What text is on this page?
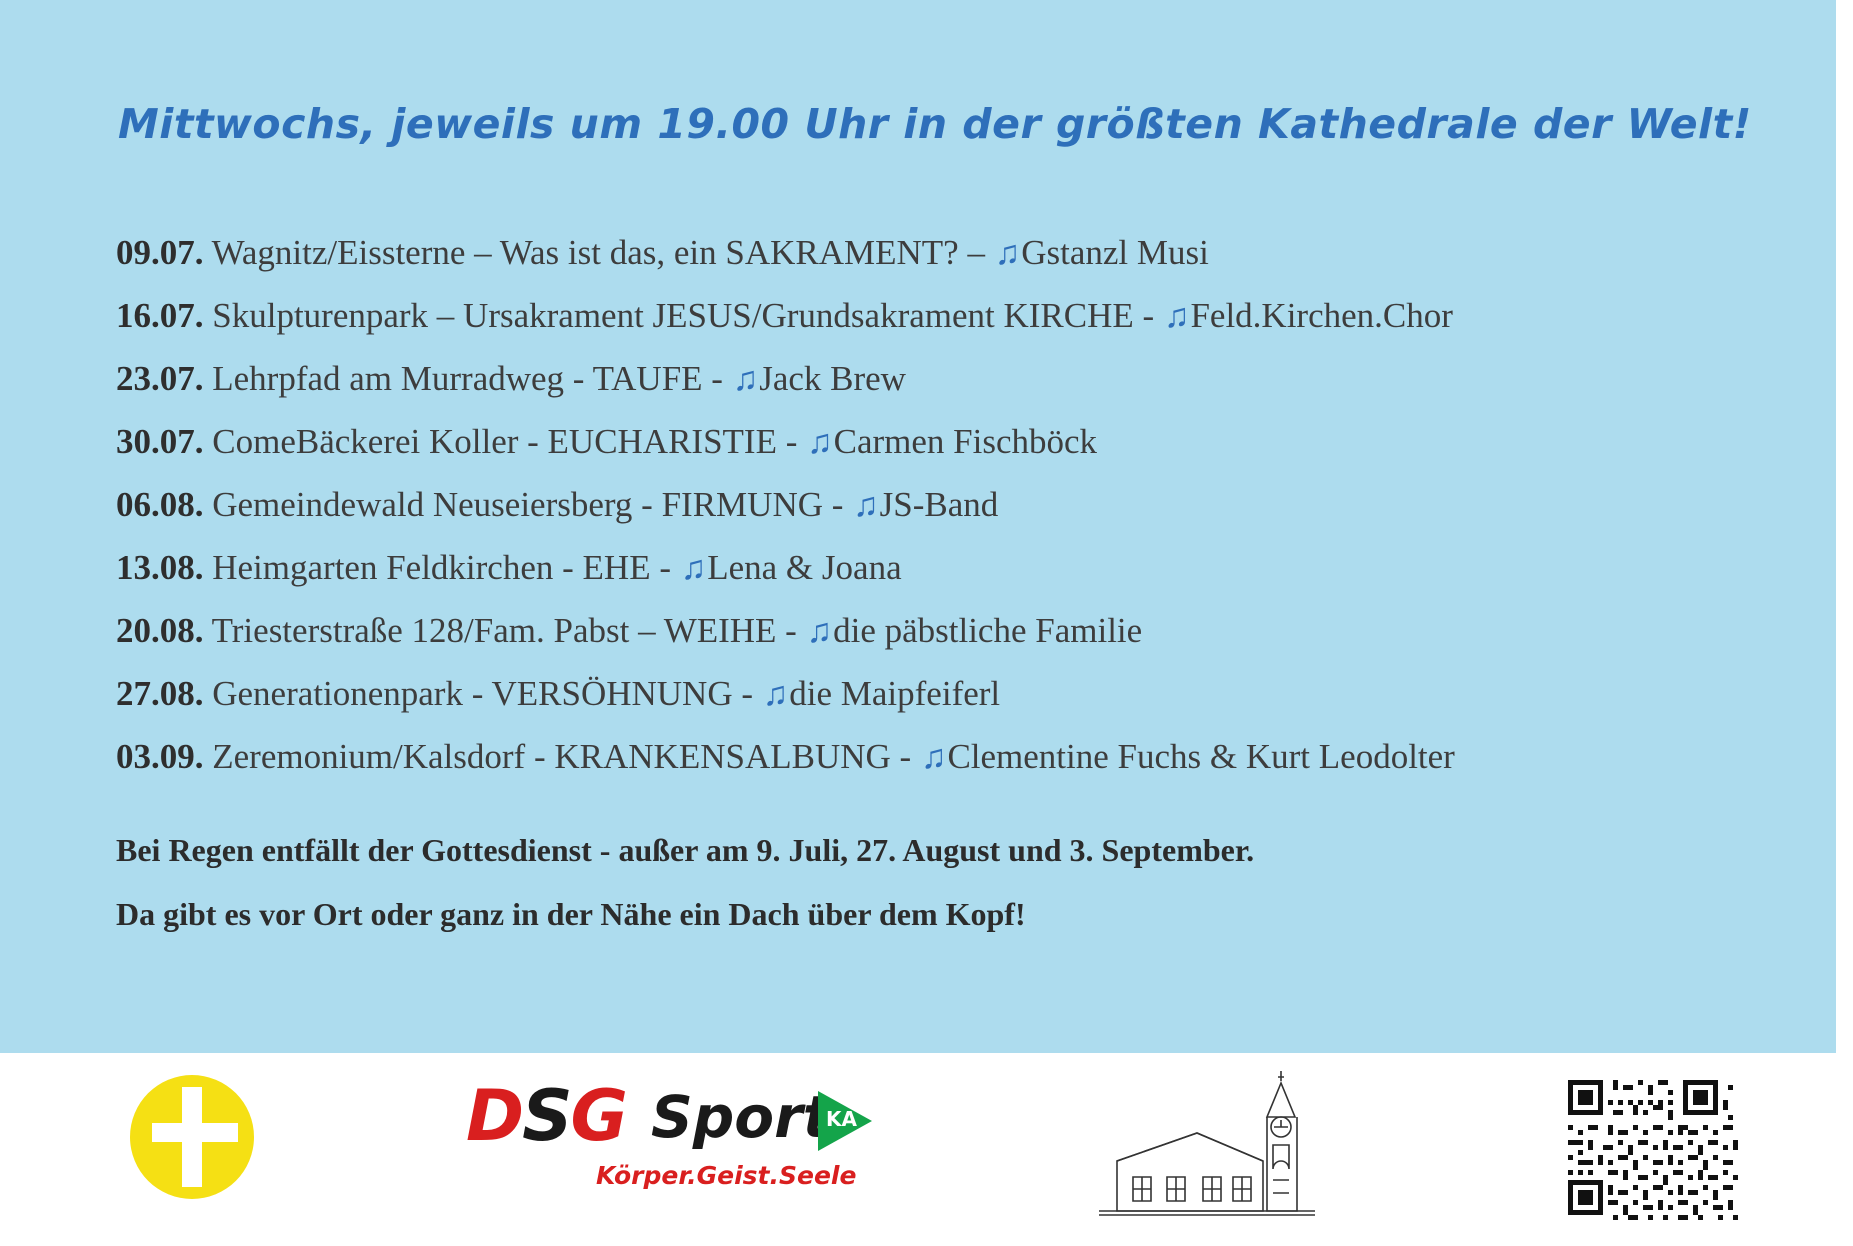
Mittwochs, jeweils um 19.00 Uhr in der größten Kathedrale der Welt!
09.07. Wagnitz/Eissterne – Was ist das, ein SAKRAMENT? – ♫Gstanzl Musi
16.07. Skulpturenpark – Ursakrament JESUS/Grundsakrament KIRCHE - ♫Feld.Kirchen.Chor
23.07. Lehrpfad am Murradweg - TAUFE - ♫Jack Brew
30.07. ComeBäckerei Koller - EUCHARISTIE - ♫Carmen Fischböck
06.08. Gemeindewald Neuseiersberg - FIRMUNG - ♫JS-Band
13.08. Heimgarten Feldkirchen - EHE - ♫Lena & Joana
20.08. Triesterstraße 128/Fam. Pabst – WEIHE - ♫die päbstliche Familie
27.08. Generationenpark - VERSÖHNUNG - ♫die Maipfeiferl
03.09. Zeremonium/Kalsdorf - KRANKENSALBUNG - ♫Clementine Fuchs & Kurt Leodolter
Bei Regen entfällt der Gottesdienst - außer am 9. Juli, 27. August und 3. September.
Da gibt es vor Ort oder ganz in der Nähe ein Dach über dem Kopf!
DSG Sport
KA
Körper.Geist.Seele
